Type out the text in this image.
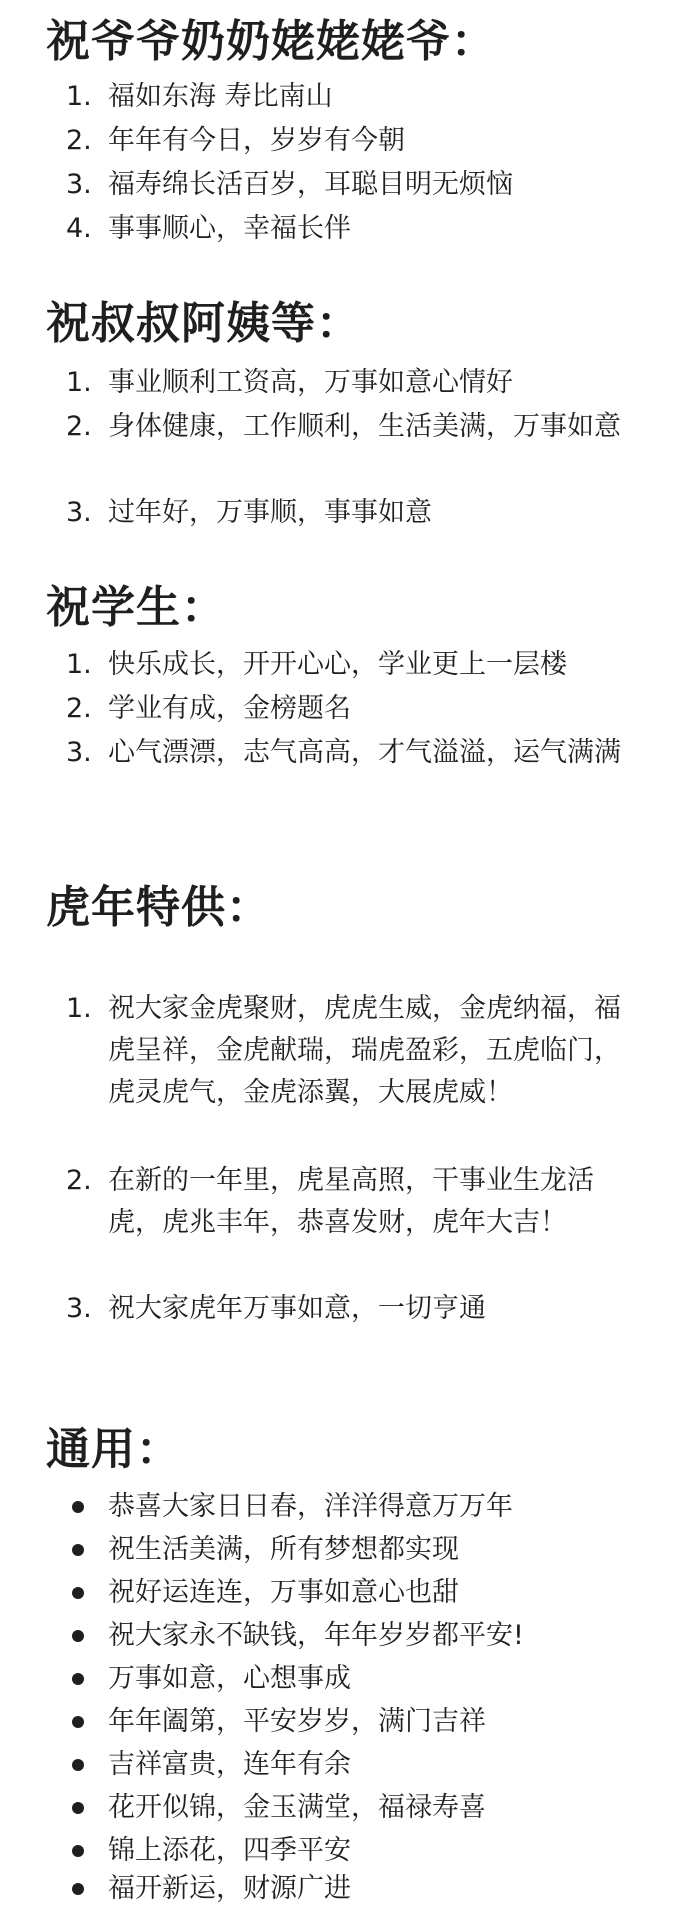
祝爷爷奶奶姥姥姥爷：
1. 福如东海 寿比南山
2. 年年有今日，岁岁有今朝
3. 福寿绵长活百岁，耳聪目明无烦恼
4. 事事顺心，幸福长伴
祝叔叔阿姨等：
1. 事业顺利工资高，万事如意心情好
2. 身体健康，工作顺利，生活美满，万事如意
3. 过年好，万事顺，事事如意
祝学生：
1. 快乐成长，开开心心，学业更上一层楼
2. 学业有成，金榜题名
3. 心气漂漂，志气高高，才气溢溢，运气满满
虎年特供：
1. 祝大家金虎聚财，虎虎生威，金虎纳福，福虎呈祥，金虎献瑞，瑞虎盈彩，五虎临门，虎灵虎气，金虎添翼，大展虎威！
2. 在新的一年里，虎星高照，干事业生龙活虎，虎兆丰年，恭喜发财，虎年大吉！
3. 祝大家虎年万事如意，一切亨通
通用：
恭喜大家日日春，洋洋得意万万年
祝生活美满，所有梦想都实现
祝好运连连，万事如意心也甜
祝大家永不缺钱，年年岁岁都平安!
万事如意，心想事成
年年阖第，平安岁岁，满门吉祥
吉祥富贵，连年有余
花开似锦，金玉满堂，福禄寿喜
锦上添花，四季平安
福开新运，财源广进
